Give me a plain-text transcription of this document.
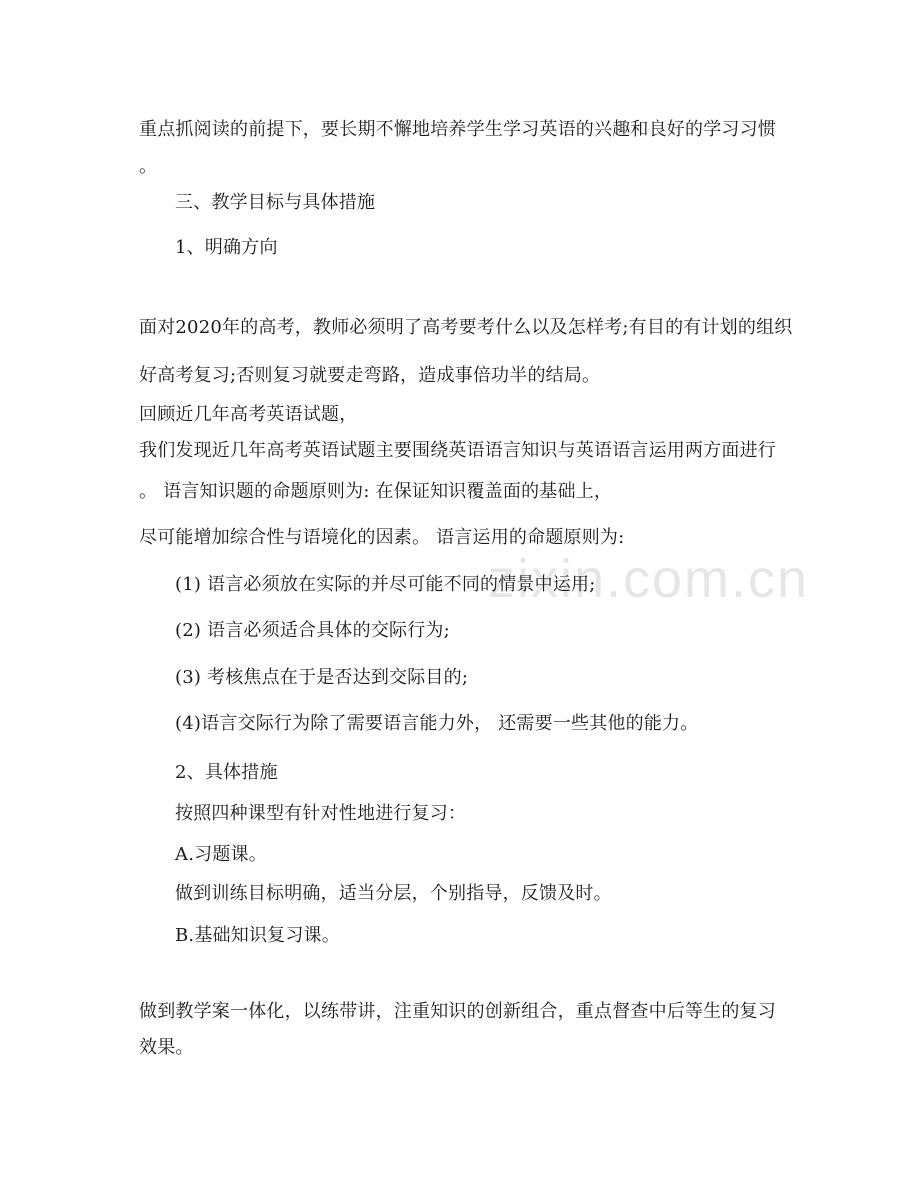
zixin.com.cn
重点抓阅读的前提下，要长期不懈地培养学生学习英语的兴趣和良好的学习习惯
。
三、教学目标与具体措施
1、明确方向
面对2020年的高考，教师必须明了高考要考什么以及怎样考;有目的有计划的组织
好高考复习;否则复习就要走弯路，造成事倍功半的结局。
回顾近几年高考英语试题，
我们发现近几年高考英语试题主要围绕英语语言知识与英语语言运用两方面进行
。 语言知识题的命题原则为: 在保证知识覆盖面的基础上，
尽可能增加综合性与语境化的因素。 语言运用的命题原则为:
(1) 语言必须放在实际的并尽可能不同的情景中运用;
(2) 语言必须适合具体的交际行为;
(3) 考核焦点在于是否达到交际目的;
(4)语言交际行为除了需要语言能力外， 还需要一些其他的能力。
2、具体措施
按照四种课型有针对性地进行复习：
A.习题课。
做到训练目标明确，适当分层，个别指导，反馈及时。
B.基础知识复习课。
做到教学案一体化，以练带讲，注重知识的创新组合，重点督查中后等生的复习
效果。
